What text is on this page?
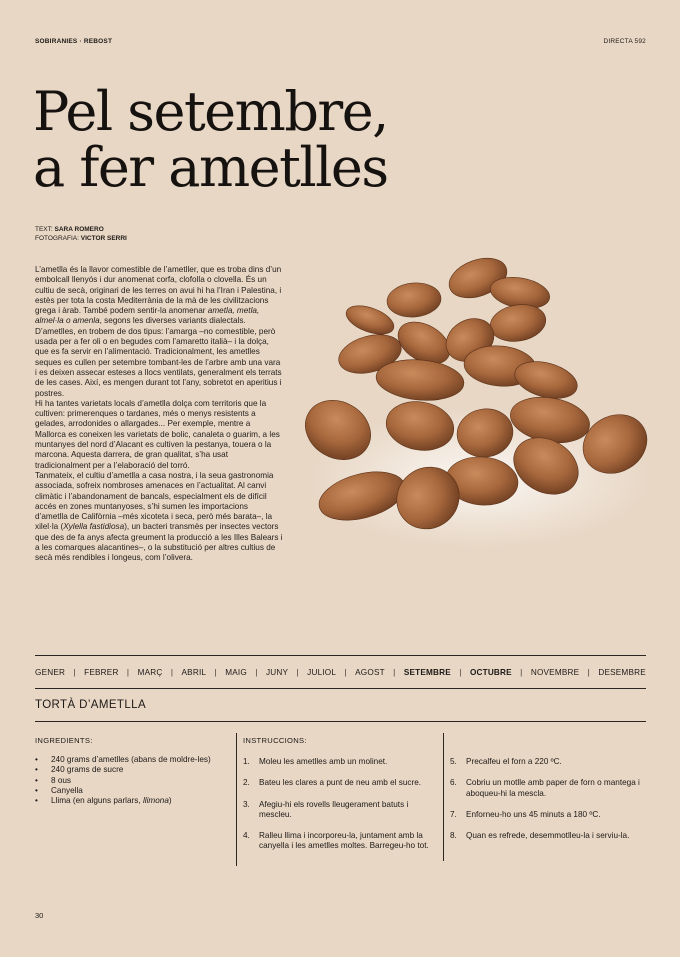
SOBIRANIES · REBOST	DIRECTA 592
Pel setembre,
a fer ametlles
TEXT: SARA ROMERO
FOTOGRAFIA: VICTOR SERRI

L’ametlla és la llavor comestible de l’ametller, que es troba dins d’un embolcall llenyós i dur anomenat corfa, clofolla o clovella. És un cultiu de secà, originari de les terres on avui hi ha l’Iran i Palestina, i estès per tota la costa Mediterrània de la mà de les civilitzacions grega i àrab. També podem sentir-la anomenar ametla, metla, almel·la o amenla, segons les diverses variants dialectals.

D’ametlles, en trobem de dos tipus: l’amarga –no comestible, però usada per a fer oli o en begudes com l’amaretto italià– i la dolça, que es fa servir en l’alimentació. Tradicionalment, les ametlles seques es cullen per setembre tombant-les de l’arbre amb una vara i es deixen assecar esteses a llocs ventilats, generalment els terrats de les cases. Així, es mengen durant tot l’any, sobretot en aperitius i postres.

Hi ha tantes varietats locals d’ametlla dolça com territoris que la cultiven: primerenques o tardanes, més o menys resistents a gelades, arrodonides o allargades... Per exemple, mentre a Mallorca es coneixen les varietats de bolic, canaleta o guarim, a les muntanyes del nord d’Alacant es cultiven la pestanya, touera o la marcona. Aquesta darrera, de gran qualitat, s’ha usat tradicionalment per a l’elaboració del torró.

Tanmateix, el cultiu d’ametlla a casa nostra, i la seua gastronomia associada, sofreix nombroses amenaces en l’actualitat. Al canvi climàtic i l’abandonament de bancals, especialment els de difícil accés en zones muntanyoses, s’hi sumen les importacions d’ametlla de Califòrnia –més xicoteta i seca, però més barata–, la xilel·la (Xylella fastidiosa), un bacteri transmès per insectes vectors que des de fa anys afecta greument la producció a les Illes Balears i a les comarques alacantines–, o la substitució per altres cultius de secà més rendibles i longeus, com l’olivera.

GENER | FEBRER | MARÇ | ABRIL | MAIG | JUNY | JULIOL | AGOST | SETEMBRE | OCTUBRE | NOVEMBRE | DESEMBRE
TORTÀ D’AMETLLA
INGREDIENTS:
• 240 grams d’ametlles (abans de moldre-les)
• 240 grams de sucre
• 8 ous
• Canyella
• Llima (en alguns parlars, llimona)
INSTRUCCIONS:
1. Moleu les ametlles amb un molinet.
2. Bateu les clares a punt de neu amb el sucre.
3. Afegiu-hi els rovells lleugerament batuts i mescleu.
4. Ralleu llima i incorporeu-la, juntament amb la canyella i les ametlles moltes. Barregeu-ho tot.
5. Precalfeu el forn a 220 ºC.
6. Cobriu un motlle amb paper de forn o mantega i aboqueu-hi la mescla.
7. Enforneu-ho uns 45 minuts a 180 ºC.
8. Quan es refrede, desemmotlleu-la i serviu-la.
30
